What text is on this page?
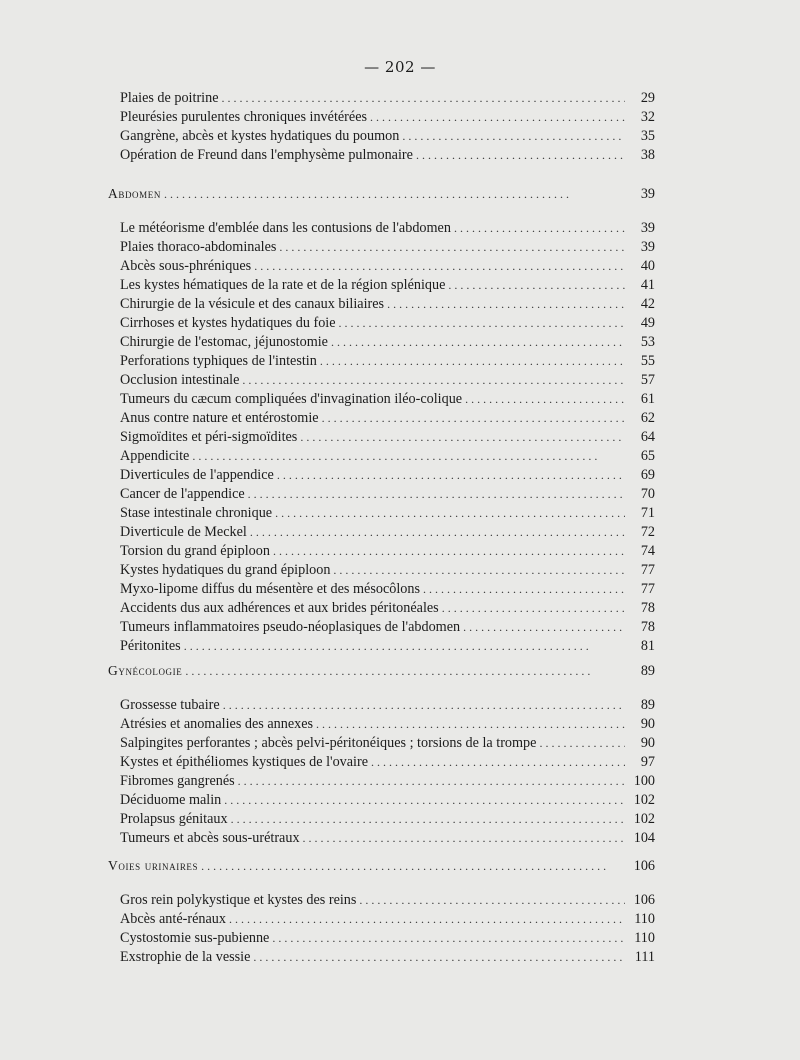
— 202 —
Plaies de poitrine . . .	29
Pleurésies purulentes chroniques invétérées . . .	32
Gangrène, abcès et kystes hydatiques du poumon . . .	35
Opération de Freund dans l'emphysème pulmonaire . . .	38
Abdomen . . .	39
Le météorisme d'emblée dans les contusions de l'abdomen . . .	39
Plaies thoraco-abdominales . . .	39
Abcès sous-phréniques . . .	40
Les kystes hématiques de la rate et de la région splénique . . .	41
Chirurgie de la vésicule et des canaux biliaires . . .	42
Cirrhoses et kystes hydatiques du foie . . .	49
Chirurgie de l'estomac, jéjunostomie . . .	53
Perforations typhiques de l'intestin . . .	55
Occlusion intestinale . . .	57
Tumeurs du cæcum compliquées d'invagination iléo-colique . . .	61
Anus contre nature et entérostomie . . .	62
Sigmoïdites et péri-sigmoïdites . . .	64
Appendicite . . .	65
Diverticules de l'appendice . . .	69
Cancer de l'appendice . . .	70
Stase intestinale chronique . . .	71
Diverticule de Meckel . . .	72
Torsion du grand épiploon . . .	74
Kystes hydatiques du grand épiploon . . .	77
Myxo-lipome diffus du mésentère et des mésocôlons . . .	77
Accidents dus aux adhérences et aux brides péritonéales . . .	78
Tumeurs inflammatoires pseudo-néoplasiques de l'abdomen . . .	78
Péritonites . . .	81
Gynécologie . . .	89
Grossesse tubaire . . .	89
Atrésies et anomalies des annexes . . .	90
Salpingites perforantes ; abcès pelvi-péritonéiques ; torsions de la trompe . . .	90
Kystes et épithéliomes kystiques de l'ovaire . . .	97
Fibromes gangrenés . . .	100
Déciduome malin . . .	102
Prolapsus génitaux . . .	102
Tumeurs et abcès sous-urétraux . . .	104
Voies urinaires . . .	106
Gros rein polykystique et kystes des reins . . .	106
Abcès anté-rénaux . . .	110
Cystostomie sus-pubienne . . .	110
Exstrophie de la vessie . . .	111
